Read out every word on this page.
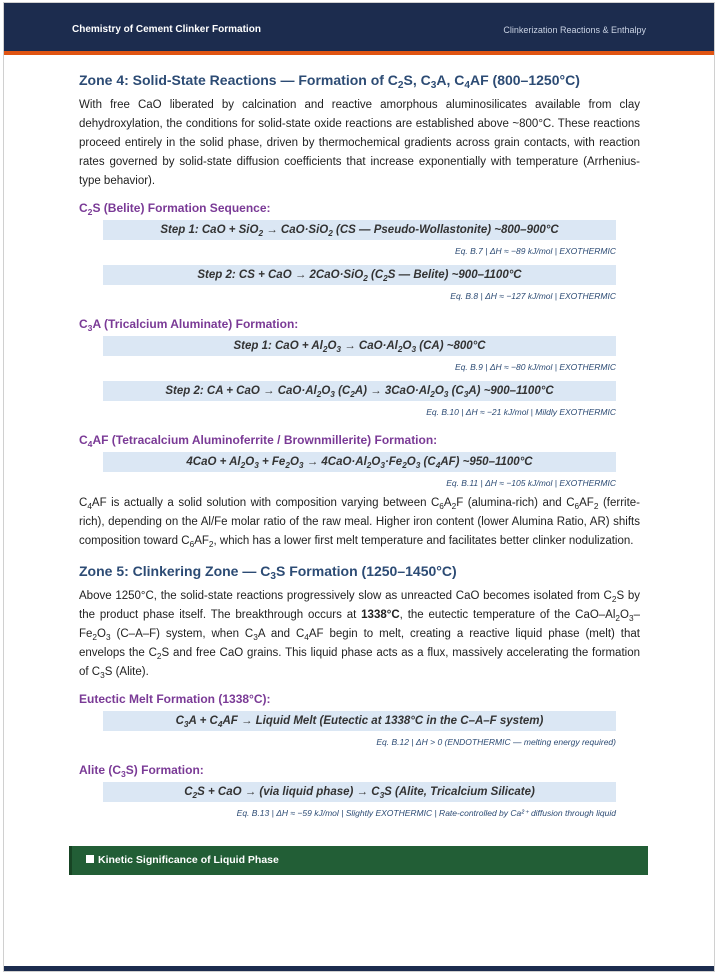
Chemistry of Cement Clinker Formation	Clinkerization Reactions & Enthalpy
Zone 4: Solid-State Reactions — Formation of $C_2S$, $C_3A$, $C_4AF$ (800–1250°C)

With free CaO liberated by calcination and reactive amorphous aluminosilicates available from clay dehydroxylation, the conditions for solid-state oxide reactions are established above ~800°C. These reactions proceed entirely in the solid phase, driven by thermochemical gradients across grain contacts, with reaction rates governed by solid-state diffusion coefficients that increase exponentially with temperature (Arrhenius-type behavior).

$C_2S$ (Belite) Formation Sequence:
Step 1: CaO + SiO$_2$ → CaO·SiO$_2$ (CS — Pseudo-Wollastonite) ~800–900°C
Eq. B.7 | ΔH ≈ −89 kJ/mol | EXOTHERMIC
Step 2: CS + CaO → 2CaO·SiO$_2$ ($C_2S$ — Belite) ~900–1100°C
Eq. B.8 | ΔH ≈ −127 kJ/mol | EXOTHERMIC
$C_3A$ (Tricalcium Aluminate) Formation:
Step 1: CaO + $Al_2O_3 \to CaO\cdot Al_2O_3$ (CA) ~800°C
Eq. B.9 | ΔH ≈ −80 kJ/mol | EXOTHERMIC
Step 2: CA + CaO → $CaO\cdot Al_2O_3$ $(C_2A) \to 3CaO\cdot Al_2O_3$ $(C_3A)$ ~900–1100°C
Eq. B.10 | ΔH ≈ −21 kJ/mol | Mildly EXOTHERMIC
$C_4AF$ (Tetracalcium Aluminoferrite / Brownmillerite) Formation:
$4CaO + Al_2O_3 + Fe_2O_3 \to 4CaO\cdot Al_2O_3\cdot Fe_2O_3$ $(C_4AF)$ ~950–1100°C
Eq. B.11 | ΔH ≈ −105 kJ/mol | EXOTHERMIC

$C_4AF$ is actually a solid solution with composition varying between $C_6A_2F$ (alumina-rich) and $C_6AF_2$ (ferrite-rich), depending on the Al/Fe molar ratio of the raw meal. Higher iron content (lower Alumina Ratio, AR) shifts composition toward $C_6AF_2$, which has a lower first melt temperature and facilitates better clinker nodulization.

Zone 5: Clinkering Zone — $C_3S$ Formation (1250–1450°C)

Above 1250°C, the solid-state reactions progressively slow as unreacted CaO becomes isolated from $C_2S$ by the product phase itself. The breakthrough occurs at 1338°C, the eutectic temperature of the CaO–$Al_2O_3-Fe_2O_3$ (C–A–F) system, when $C_3A$ and $C_4AF$ begin to melt, creating a reactive liquid phase (melt) that envelops the $C_2S$ and free CaO grains. This liquid phase acts as a flux, massively accelerating the formation of $C_3S$ (Alite).

Eutectic Melt Formation (1338°C):
$C_3A + C_4AF$ → Liquid Melt (Eutectic at 1338°C in the C–A–F system)
Eq. B.12 | ΔH > 0 (ENDOTHERMIC — melting energy required)
Alite $(C_3S)$ Formation:
$C_2S$ + CaO → (via liquid phase) → $C_3S$ (Alite, Tricalcium Silicate)
Eq. B.13 | ΔH ≈ −59 kJ/mol | Slightly EXOTHERMIC | Rate-controlled by Ca²⁺ diffusion through liquid
Kinetic Significance of Liquid Phase
